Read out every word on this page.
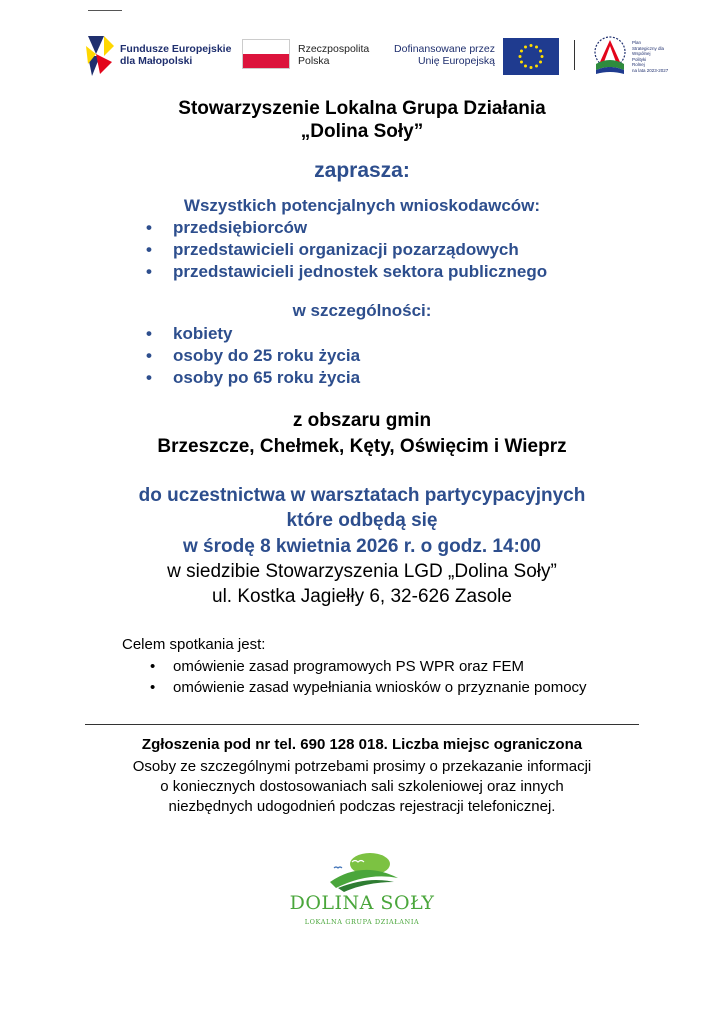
Fundusze Europejskie
dla Małopolski
Rzeczpospolita
Polska
Dofinansowane przez
Unię Europejską
Plan
Strategiczny dla
Wspólnej
Polityki
Rolnej
na lata 2023-2027
Stowarzyszenie Lokalna Grupa Działania
„Dolina Soły”
zaprasza:
Wszystkich potencjalnych wnioskodawców:
• przedsiębiorców
• przedstawicieli organizacji pozarządowych
• przedstawicieli jednostek sektora publicznego
w szczególności:
• kobiety
• osoby do 25 roku życia
• osoby po 65 roku życia
z obszaru gmin
Brzeszcze, Chełmek, Kęty, Oświęcim i Wieprz
do uczestnictwa w warsztatach partycypacyjnych
które odbędą się
w środę 8 kwietnia 2026 r. o godz. 14:00
w siedzibie Stowarzyszenia LGD „Dolina Soły”
ul. Kostka Jagiełły 6, 32-626 Zasole
Celem spotkania jest:
• omówienie zasad programowych PS WPR oraz FEM
• omówienie zasad wypełniania wniosków o przyznanie pomocy
Zgłoszenia pod nr tel. 690 128 018. Liczba miejsc ograniczona
Osoby ze szczególnymi potrzebami prosimy o przekazanie informacji
o koniecznych dostosowaniach sali szkoleniowej oraz innych
niezbędnych udogodnień podczas rejestracji telefonicznej.
DOLINA SOŁY
LOKALNA GRUPA DZIAŁANIA
